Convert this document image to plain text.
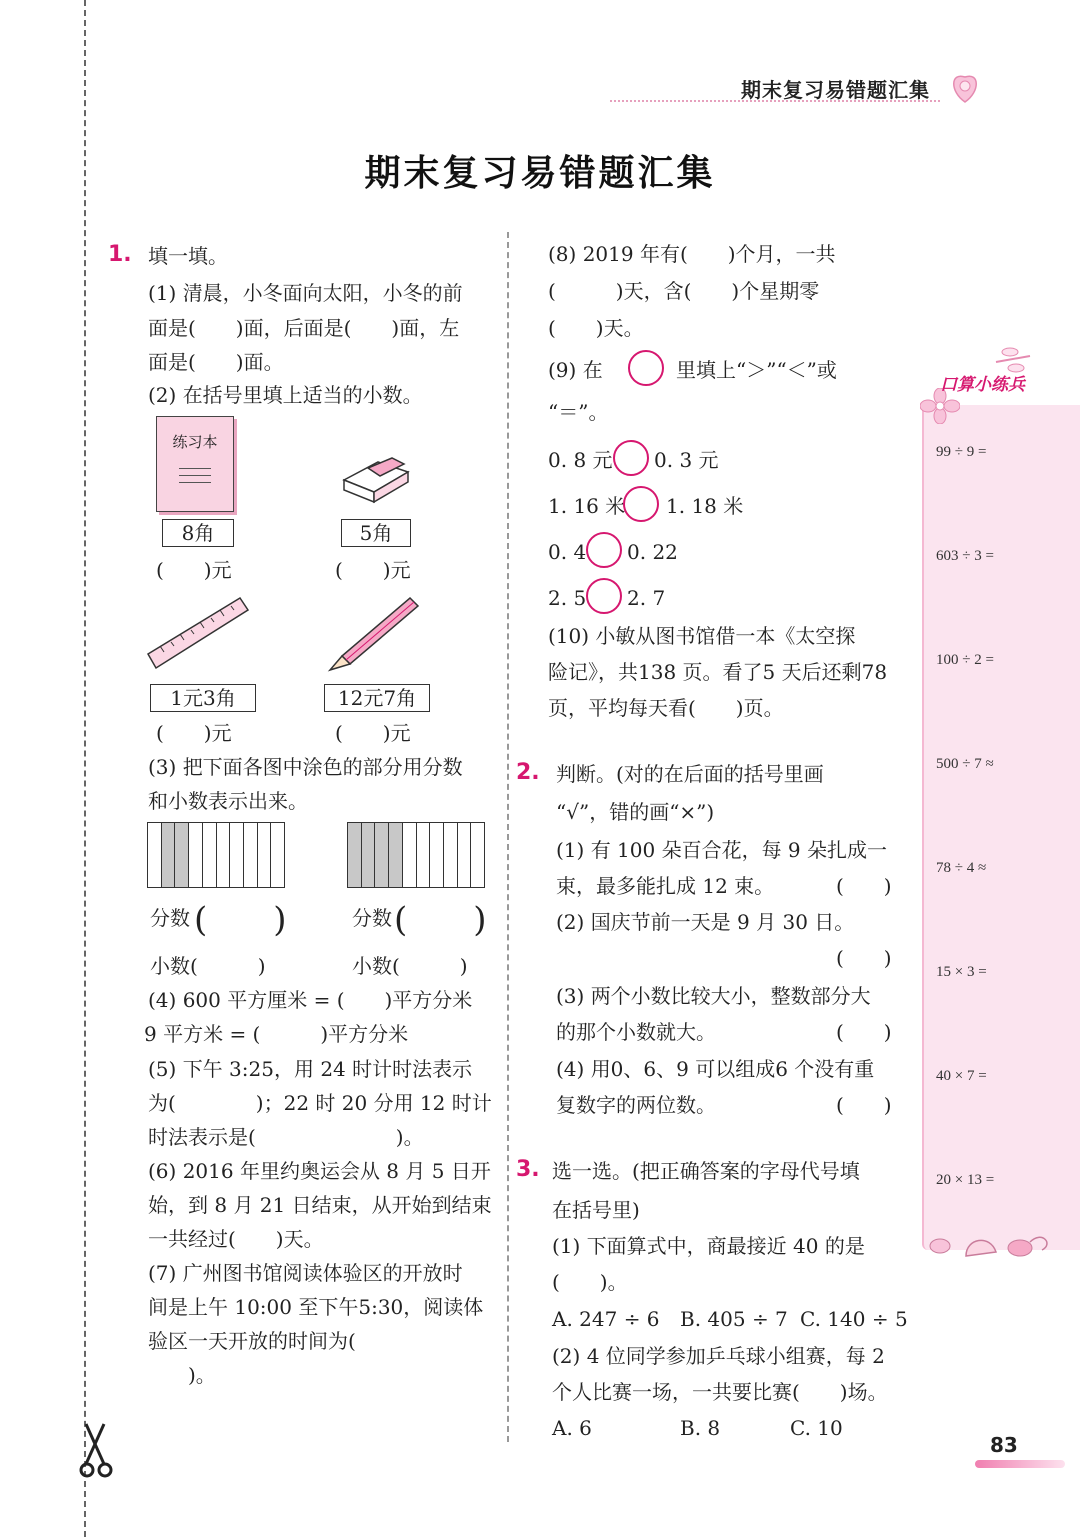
期末复习易错题汇集
期末复习易错题汇集
1. 填一填。
(1) 清晨，小冬面向太阳，小冬的前
面是(　　)面，后面是(　　)面，左
面是(　　)面。
(2) 在括号里填上适当的小数。
练习本
8角
(　　)元
5角
(　　)元
1元3角
(　　)元
12元7角
(　　)元
(3) 把下面各图中涂色的部分用分数
和小数表示出来。
分数 ( )
小数(　　　)
分数 ( )
小数(　　　)
(4) 600 平方厘米 = (　　)平方分米
9 平方米 = (　　　)平方分米
(5) 下午 3:25，用 24 时计时法表示
为(　　　　)；22 时 20 分用 12 时计
时法表示是(　　　　　　　)。
(6) 2016 年里约奥运会从 8 月 5 日开
始，到 8 月 21 日结束，从开始到结束
一共经过(　　)天。
(7) 广州图书馆阅读体验区的开放时
间是上午 10:00 至下午5:30，阅读体
验区一天开放的时间为(
　　)。
(8) 2019 年有(　　)个月，一共
(　　　)天，含(　　)个星期零
(　　)天。
(9) 在	里填上“＞”“＜”或
“＝”。
0. 8 元 0. 3 元
1. 16 米 1. 18 米
0. 4 0. 22
2. 5 2. 7
(10) 小敏从图书馆借一本《太空探
险记》，共138 页。看了5 天后还剩78
页，平均每天看(　　)页。
2. 判断。(对的在后面的括号里画
“√”，错的画“×”)
(1) 有 100 朵百合花，每 9 朵扎成一
束，最多能扎成 12 束。	(　　)
(2) 国庆节前一天是 9 月 30 日。
(　　)
(3) 两个小数比较大小，整数部分大
的那个小数就大。	(　　)
(4) 用0、6、9 可以组成6 个没有重
复数字的两位数。	(　　)
3. 选一选。(把正确答案的字母代号填
在括号里)
(1) 下面算式中，商最接近 40 的是
(　　)。
A. 247 ÷ 6 B. 405 ÷ 7 C. 140 ÷ 5
(2) 4 位同学参加乒乓球小组赛，每 2
个人比赛一场，一共要比赛(　　)场。
A. 6	B. 8	C. 10
口算小练兵
99 ÷ 9 =
603 ÷ 3 =
100 ÷ 2 =
500 ÷ 7 ≈
78 ÷ 4 ≈
15 × 3 =
40 × 7 =
20 × 13 =
83
